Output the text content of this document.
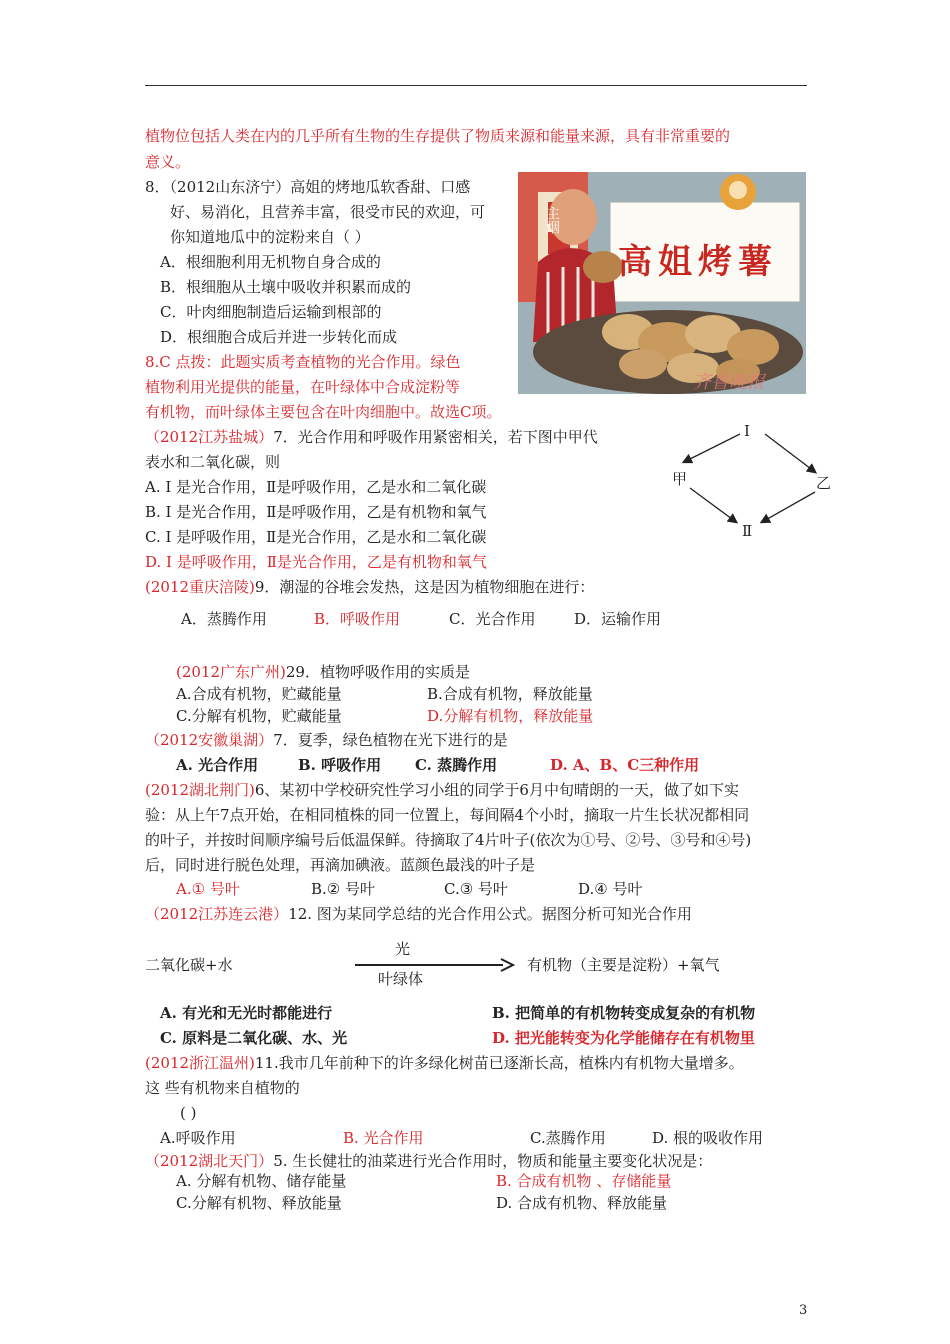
植物位包括人类在内的几乎所有生物的生存提供了物质来源和能量来源，具有非常重要的
意义。
8．（2012山东济宁）高姐的烤地瓜软香甜、口感
好、易消化，且营养丰富，很受市民的欢迎，可
你知道地瓜中的淀粉来自（ ）
A．根细胞利用无机物自身合成的
B．根细胞从土壤中吸收并积累而成的
C．叶肉细胞制造后运输到根部的
D．根细胞合成后并进一步转化而成
8.C 点拨：此题实质考查植物的光合作用。绿色
植物利用光提供的能量，在叶绿体中合成淀粉等
有机物，而叶绿体主要包含在叶肉细胞中。故选C项。
高姐烤薯
主烟
齐鲁晚报
（2012江苏盐城）7．光合作用和呼吸作用紧密相关，若下图中甲代
表水和二氧化碳，则
A. Ⅰ 是光合作用，Ⅱ是呼吸作用，乙是水和二氧化碳
B. Ⅰ 是光合作用，Ⅱ是呼吸作用，乙是有机物和氧气
C. Ⅰ 是呼吸作用，Ⅱ是光合作用，乙是水和二氧化碳
D. Ⅰ 是呼吸作用，Ⅱ是光合作用，乙是有机物和氧气
Ⅰ
甲	乙
Ⅱ
(2012重庆涪陵)9．潮湿的谷堆会发热，这是因为植物细胞在进行：
A．蒸腾作用	B．呼吸作用	C．光合作用	D．运输作用
(2012广东广州)29．植物呼吸作用的实质是
A.合成有机物，贮藏能量	B.合成有机物，释放能量
C.分解有机物，贮藏能量	D.分解有机物，释放能量
（2012安徽巢湖）7．夏季，绿色植物在光下进行的是
A. 光合作用	B. 呼吸作用 C. 蒸腾作用	D. A、B、C三种作用
(2012湖北荆门)6、某初中学校研究性学习小组的同学于6月中旬晴朗的一天，做了如下实
验：从上午7点开始，在相同植株的同一位置上，每间隔4个小时，摘取一片生长状况都相同
的叶子，并按时间顺序编号后低温保鲜。待摘取了4片叶子(依次为①号、②号、③号和④号)
后，同时进行脱色处理，再滴加碘液。蓝颜色最浅的叶子是
A.① 号叶	B.② 号叶	C.③ 号叶	D.④ 号叶
（2012江苏连云港）12. 图为某同学总结的光合作用公式。据图分析可知光合作用
二氧化碳+水
光
叶绿体
有机物（主要是淀粉）+氧气
A. 有光和无光时都能进行	B. 把简单的有机物转变成复杂的有机物
C. 原料是二氧化碳、水、光	D. 把光能转变为化学能储存在有机物里
(2012浙江温州)11.我市几年前种下的许多绿化树苗已逐渐长高，植株内有机物大量增多。
这 些有机物来自植物的
( )
A.呼吸作用	B. 光合作用	C.蒸腾作用	D. 根的吸收作用
（2012湖北天门）5. 生长健壮的油菜进行光合作用时，物质和能量主要变化状况是：
A. 分解有机物、储存能量	B. 合成有机物 、存储能量
C.分解有机物、释放能量	D. 合成有机物、释放能量
3
